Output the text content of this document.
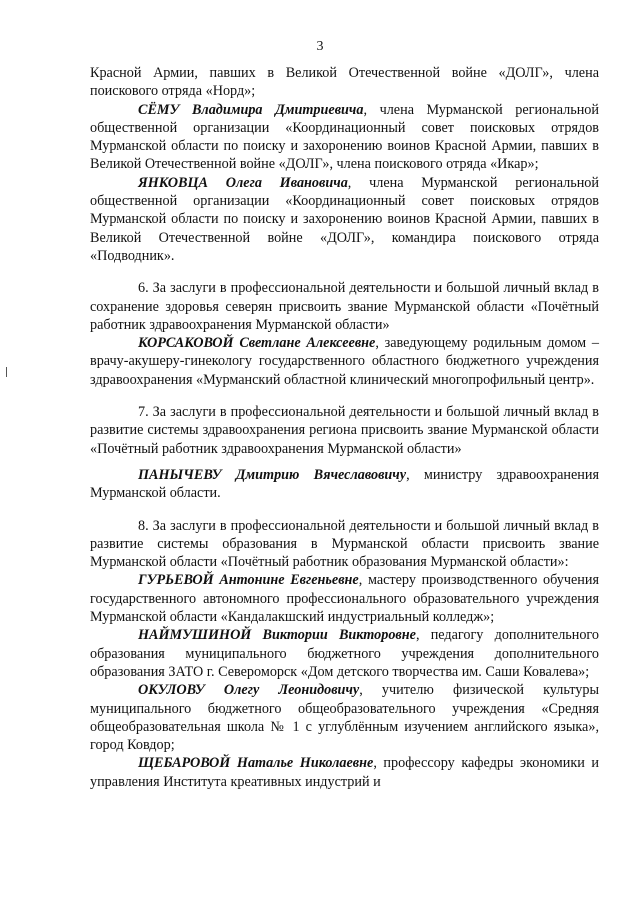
3

Красной Армии, павших в Великой Отечественной войне «ДОЛГ», члена поискового отряда «Норд»;

СЁМУ Владимира Дмитриевича, члена Мурманской региональной общественной организации «Координационный совет поисковых отрядов Мурманской области по поиску и захоронению воинов Красной Армии, павших в Великой Отечественной войне «ДОЛГ», члена поискового отряда «Икар»;

ЯНКОВЦА Олега Ивановича, члена Мурманской региональной общественной организации «Координационный совет поисковых отрядов Мурманской области по поиску и захоронению воинов Красной Армии, павших в Великой Отечественной войне «ДОЛГ», командира поискового отряда «Подводник».

6. За заслуги в профессиональной деятельности и большой личный вклад в сохранение здоровья северян присвоить звание Мурманской области «Почётный работник здравоохранения Мурманской области»

КОРСАКОВОЙ Светлане Алексеевне, заведующему родильным домом – врачу-акушеру-гинекологу государственного областного бюджетного учреждения здравоохранения «Мурманский областной клинический многопрофильный центр».

7. За заслуги в профессиональной деятельности и большой личный вклад в развитие системы здравоохранения региона присвоить звание Мурманской области «Почётный работник здравоохранения Мурманской области»

ПАНЫЧЕВУ Дмитрию Вячеславовичу, министру здравоохранения Мурманской области.

8. За заслуги в профессиональной деятельности и большой личный вклад в развитие системы образования в Мурманской области присвоить звание Мурманской области «Почётный работник образования Мурманской области»:

ГУРЬЕВОЙ Антонине Евгеньевне, мастеру производственного обучения государственного автономного профессионального образовательного учреждения Мурманской области «Кандалакшский индустриальный колледж»;

НАЙМУШИНОЙ Виктории Викторовне, педагогу дополнительного образования муниципального бюджетного учреждения дополнительного образования ЗАТО г. Североморск «Дом детского творчества им. Саши Ковалева»;

ОКУЛОВУ Олегу Леонидовичу, учителю физической культуры муниципального бюджетного общеобразовательного учреждения «Средняя общеобразовательная школа № 1 с углублённым изучением английского языка», город Ковдор;

ЩЕБАРОВОЙ Наталье Николаевне, профессору кафедры экономики и управления Института креативных индустрий и
